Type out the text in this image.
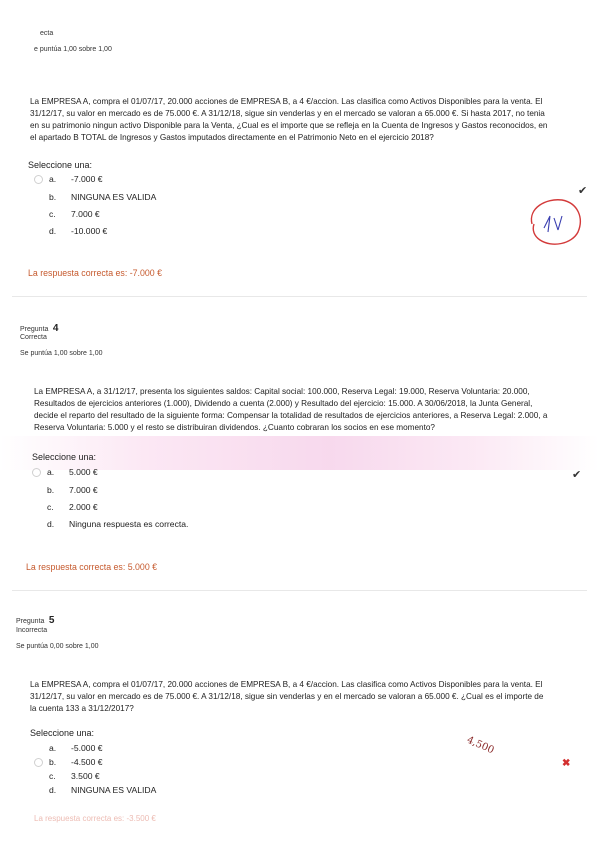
ecta
e puntúa 1,00 sobre 1,00
La EMPRESA A, compra el 01/07/17, 20.000 acciones de EMPRESA B, a 4 €/accion. Las clasifica como Activos Disponibles para la venta. El
31/12/17, su valor en mercado es de 75.000 €. A 31/12/18, sigue sin venderlas y en el mercado se valoran a 65.000 €. Si hasta 2017, no tenia
en su patrimonio ningun activo Disponible para la Venta, ¿Cual es el importe que se refleja en la Cuenta de Ingresos y Gastos reconocidos, en
el apartado B TOTAL de Ingresos y Gastos imputados directamente en el Patrimonio Neto en el ejercicio 2018?
Seleccione una:
a. -7.000 €
b. NINGUNA ES VALIDA
c. 7.000 €
d. -10.000 €
✔
La respuesta correcta es: -7.000 €
Pregunta 4
Correcta
Se puntúa 1,00 sobre 1,00
La EMPRESA A, a 31/12/17, presenta los siguientes saldos: Capital social: 100.000, Reserva Legal: 19.000, Reserva Voluntaria: 20.000,
Resultados de ejercicios anteriores (1.000), Dividendo a cuenta (2.000) y Resultado del ejercicio: 15.000. A 30/06/2018, la Junta General,
decide el reparto del resultado de la siguiente forma: Compensar la totalidad de resultados de ejercicios anteriores, a Reserva Legal: 2.000, a
Reserva Voluntaria: 5.000 y el resto se distribuiran dividendos. ¿Cuanto cobraran los socios en ese momento?
Seleccione una:
a. 5.000 €
b. 7.000 €
c. 2.000 €
d. Ninguna respuesta es correcta.
✔
La respuesta correcta es: 5.000 €
Pregunta 5
Incorrecta
Se puntúa 0,00 sobre 1,00
La EMPRESA A, compra el 01/07/17, 20.000 acciones de EMPRESA B, a 4 €/accion. Las clasifica como Activos Disponibles para la venta. El
31/12/17, su valor en mercado es de 75.000 €. A 31/12/18, sigue sin venderlas y en el mercado se valoran a 65.000 €. ¿Cual es el importe de
la cuenta 133 a 31/12/2017?
Seleccione una:
a. -5.000 €
b. -4.500 €
c. 3.500 €
d. NINGUNA ES VALIDA
4,500
✖
La respuesta correcta es: -3.500 €
